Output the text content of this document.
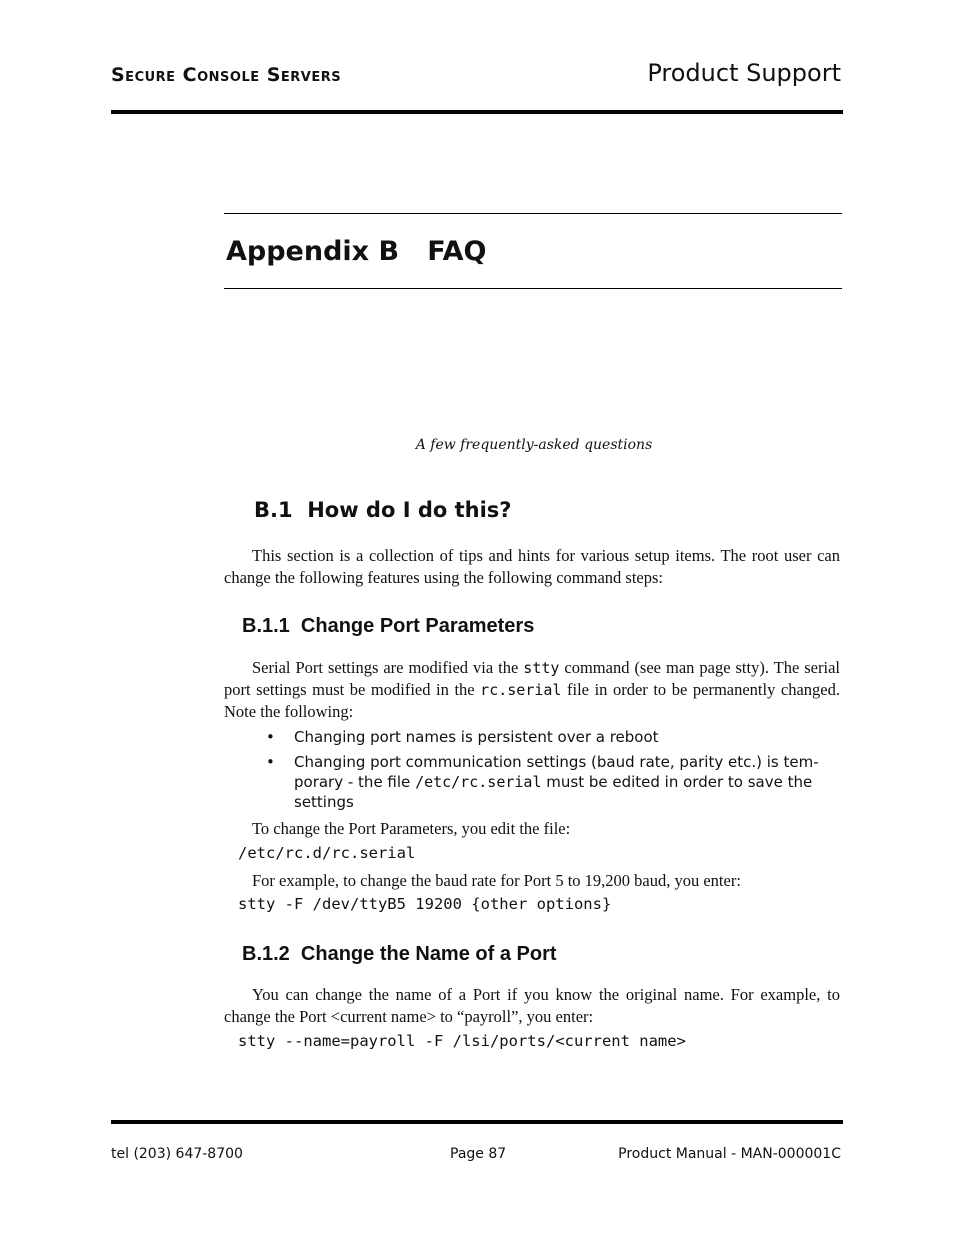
Secure Console Servers	Product Support
Appendix B   FAQ
A few frequently-asked questions
B.1  How do I do this?
This section is a collection of tips and hints for various setup items. The root user can change the following features using the following command steps:
B.1.1  Change Port Parameters
Serial Port settings are modified via the stty command (see man page stty). The serial port settings must be modified in the rc.serial file in order to be permanently changed. Note the following:
• Changing port names is persistent over a reboot
• Changing port communication settings (baud rate, parity etc.) is tem-porary - the file /etc/rc.serial must be edited in order to save the settings
To change the Port Parameters, you edit the file:
/etc/rc.d/rc.serial
For example, to change the baud rate for Port 5 to 19,200 baud, you enter:
stty -F /dev/ttyB5 19200 {other options}
B.1.2  Change the Name of a Port
You can change the name of a Port if you know the original name. For example, to change the Port <current name> to “payroll”, you enter:
stty --name=payroll -F /lsi/ports/<current name>
tel (203) 647-8700	Page 87	Product Manual - MAN-000001C
